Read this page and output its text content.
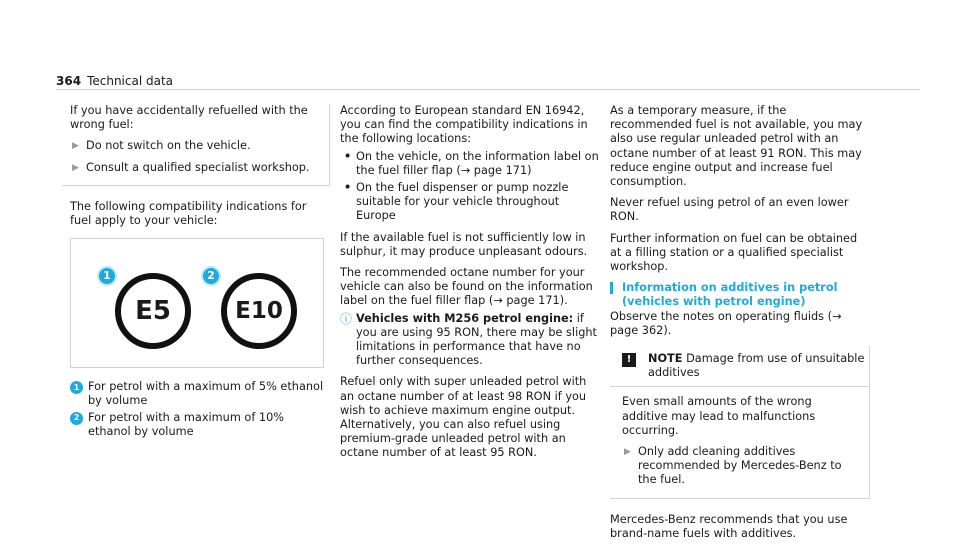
364 Technical data

If you have accidentally refuelled with the wrong fuel:

▶ Do not switch on the vehicle.
▶ Consult a qualified specialist workshop.

The following compatibility indications for fuel apply to your vehicle:

1	2
E5	E10
1 For petrol with a maximum of 5% ethanol by volume
2 For petrol with a maximum of 10% ethanol by volume

According to European standard EN 16942, you can find the compatibility indications in the following locations:

• On the vehicle, on the information label on the fuel filler flap (→ page 171)
• On the fuel dispenser or pump nozzle suitable for your vehicle throughout Europe

If the available fuel is not sufficiently low in sulphur, it may produce unpleasant odours.

The recommended octane number for your vehicle can also be found on the information label on the fuel filler flap (→ page 171).

ⓘ Vehicles with M256 petrol engine: if you are using 95 RON, there may be slight limitations in performance that have no further consequences.

Refuel only with super unleaded petrol with an octane number of at least 98 RON if you wish to achieve maximum engine output. Alternatively, you can also refuel using premium-grade unleaded petrol with an octane number of at least 95 RON.

As a temporary measure, if the recommended fuel is not available, you may also use regular unleaded petrol with an octane number of at least 91 RON. This may reduce engine output and increase fuel consumption.

Never refuel using petrol of an even lower RON.

Further information on fuel can be obtained at a filling station or a qualified specialist workshop.

Information on additives in petrol (vehicles with petrol engine)

Observe the notes on operating fluids (→ page 362).

!	NOTE Damage from use of unsuitable additives

Even small amounts of the wrong additive may lead to malfunctions occurring.

▶ Only add cleaning additives recommended by Mercedes-Benz to the fuel.

Mercedes-Benz recommends that you use brand-name fuels with additives.
